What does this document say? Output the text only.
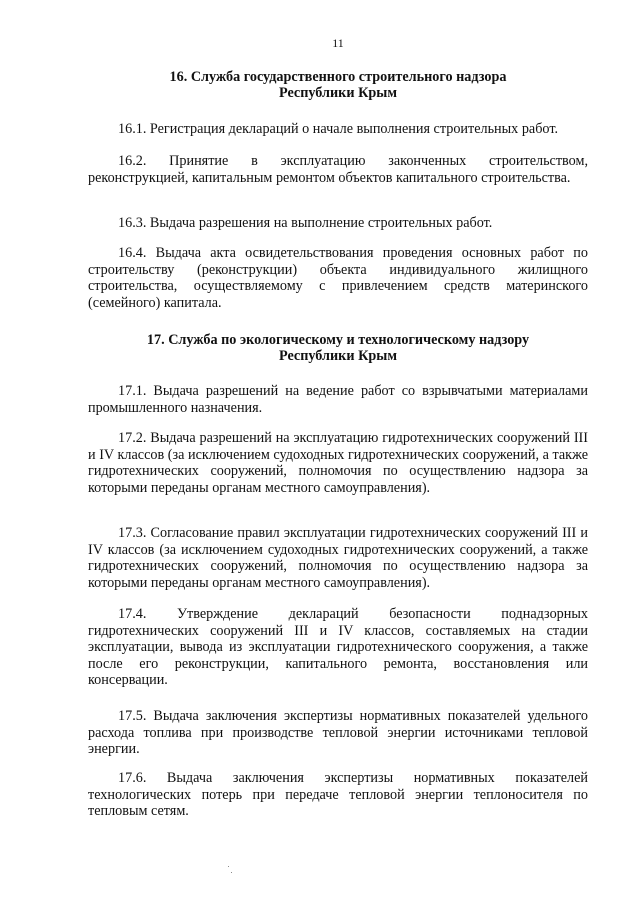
11
16. Служба государственного строительного надзора
Республики Крым
16.1. Регистрация деклараций о начале выполнения строительных работ.
16.2. Принятие в эксплуатацию законченных строительством, реконструкцией, капитальным ремонтом объектов капитального строительства.
16.3. Выдача разрешения на выполнение строительных работ.
16.4. Выдача акта освидетельствования проведения основных работ по строительству (реконструкции) объекта индивидуального жилищного строительства, осуществляемому с привлечением средств материнского (семейного) капитала.
17. Служба по экологическому и технологическому надзору
Республики Крым
17.1. Выдача разрешений на ведение работ со взрывчатыми материалами промышленного назначения.
17.2. Выдача разрешений на эксплуатацию гидротехнических сооружений III и IV классов (за исключением судоходных гидротехнических сооружений, а также гидротехнических сооружений, полномочия по осуществлению надзора за которыми переданы органам местного самоуправления).
17.3. Согласование правил эксплуатации гидротехнических сооружений III и IV классов (за исключением судоходных гидротехнических сооружений, а также гидротехнических сооружений, полномочия по осуществлению надзора за которыми переданы органам местного самоуправления).
17.4. Утверждение деклараций безопасности поднадзорных гидротехнических сооружений III и IV классов, составляемых на стадии эксплуатации, вывода из эксплуатации гидротехнического сооружения, а также после его реконструкции, капитального ремонта, восстановления или консервации.
17.5. Выдача заключения экспертизы нормативных показателей удельного расхода топлива при производстве тепловой энергии источниками тепловой энергии.
17.6. Выдача заключения экспертизы нормативных показателей технологических потерь при передаче тепловой энергии теплоносителя по тепловым сетям.
